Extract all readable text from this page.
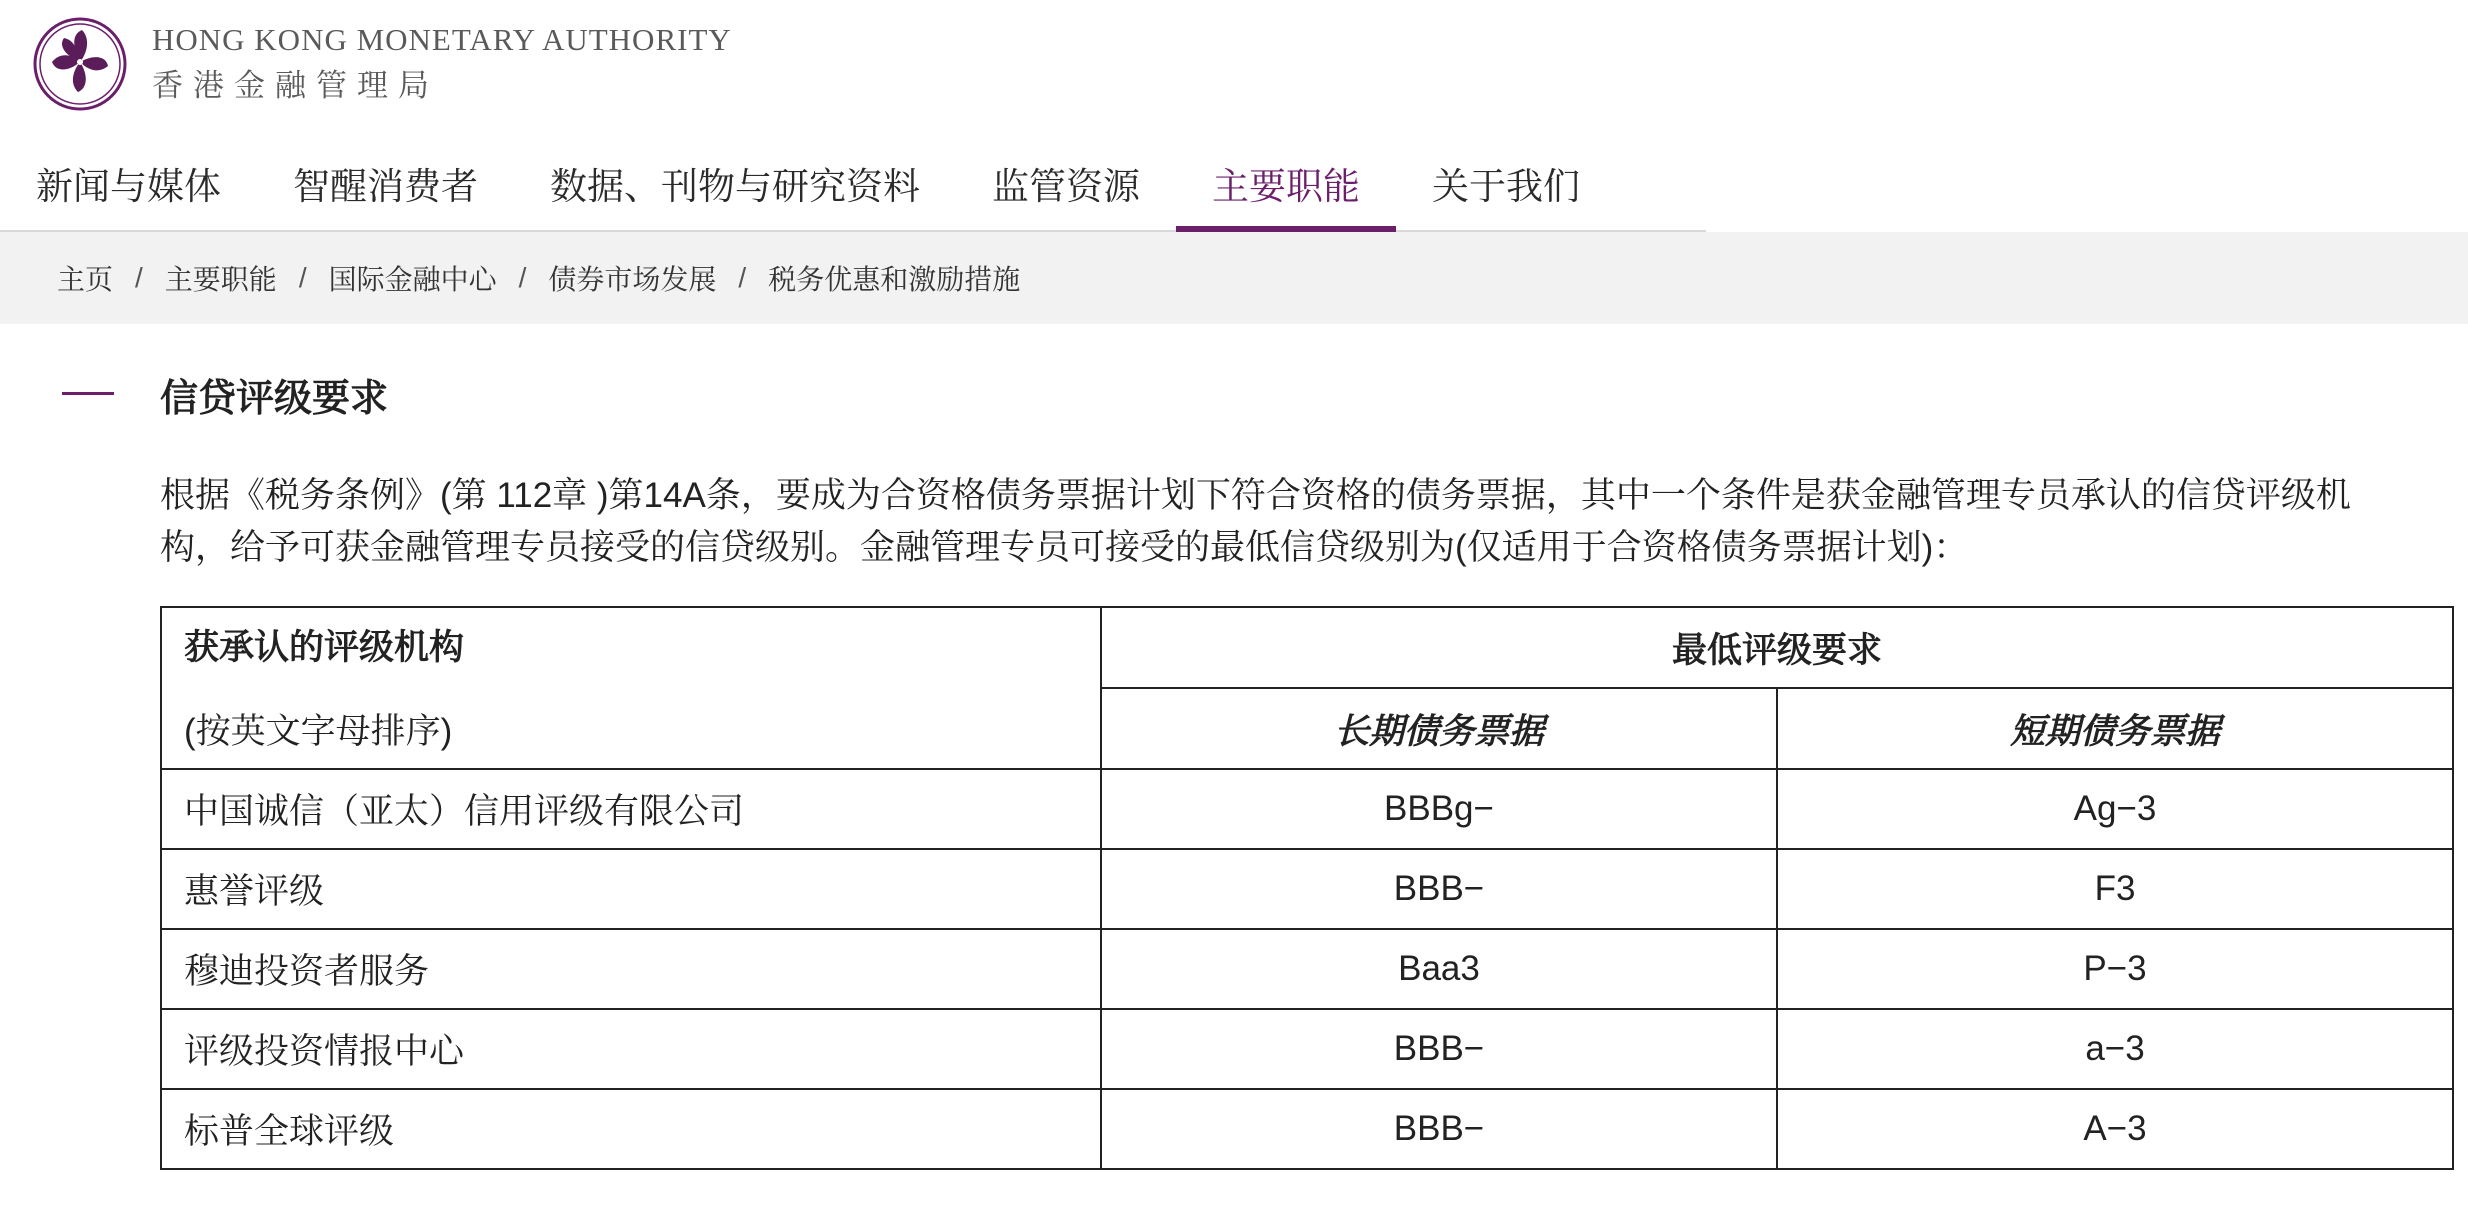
HONG KONG MONETARY AUTHORITY
香港金融管理局
新闻与媒体	智醒消费者	数据、刊物与研究资料	监管资源	主要职能	关于我们
主页 / 主要职能 / 国际金融中心 / 债券市场发展 / 税务优惠和激励措施
信贷评级要求
根据《税务条例》(第 112章 )第14A条，要成为合资格债务票据计划下符合资格的债务票据，其中一个条件是获金融管理专员承认的信贷评级机构，给予可获金融管理专员接受的信贷级别。金融管理专员可接受的最低信贷级别为(仅适用于合资格债务票据计划)：
获承认的评级机构
(按英文字母排序)	最低评级要求	
	长期债务票据	短期债务票据
中国诚信（亚太）信用评级有限公司	BBBg−	Ag−3
惠誉评级	BBB−	F3
穆迪投资者服务	Baa3	P−3
评级投资情报中心	BBB−	a−3
标普全球评级	BBB−	A−3
